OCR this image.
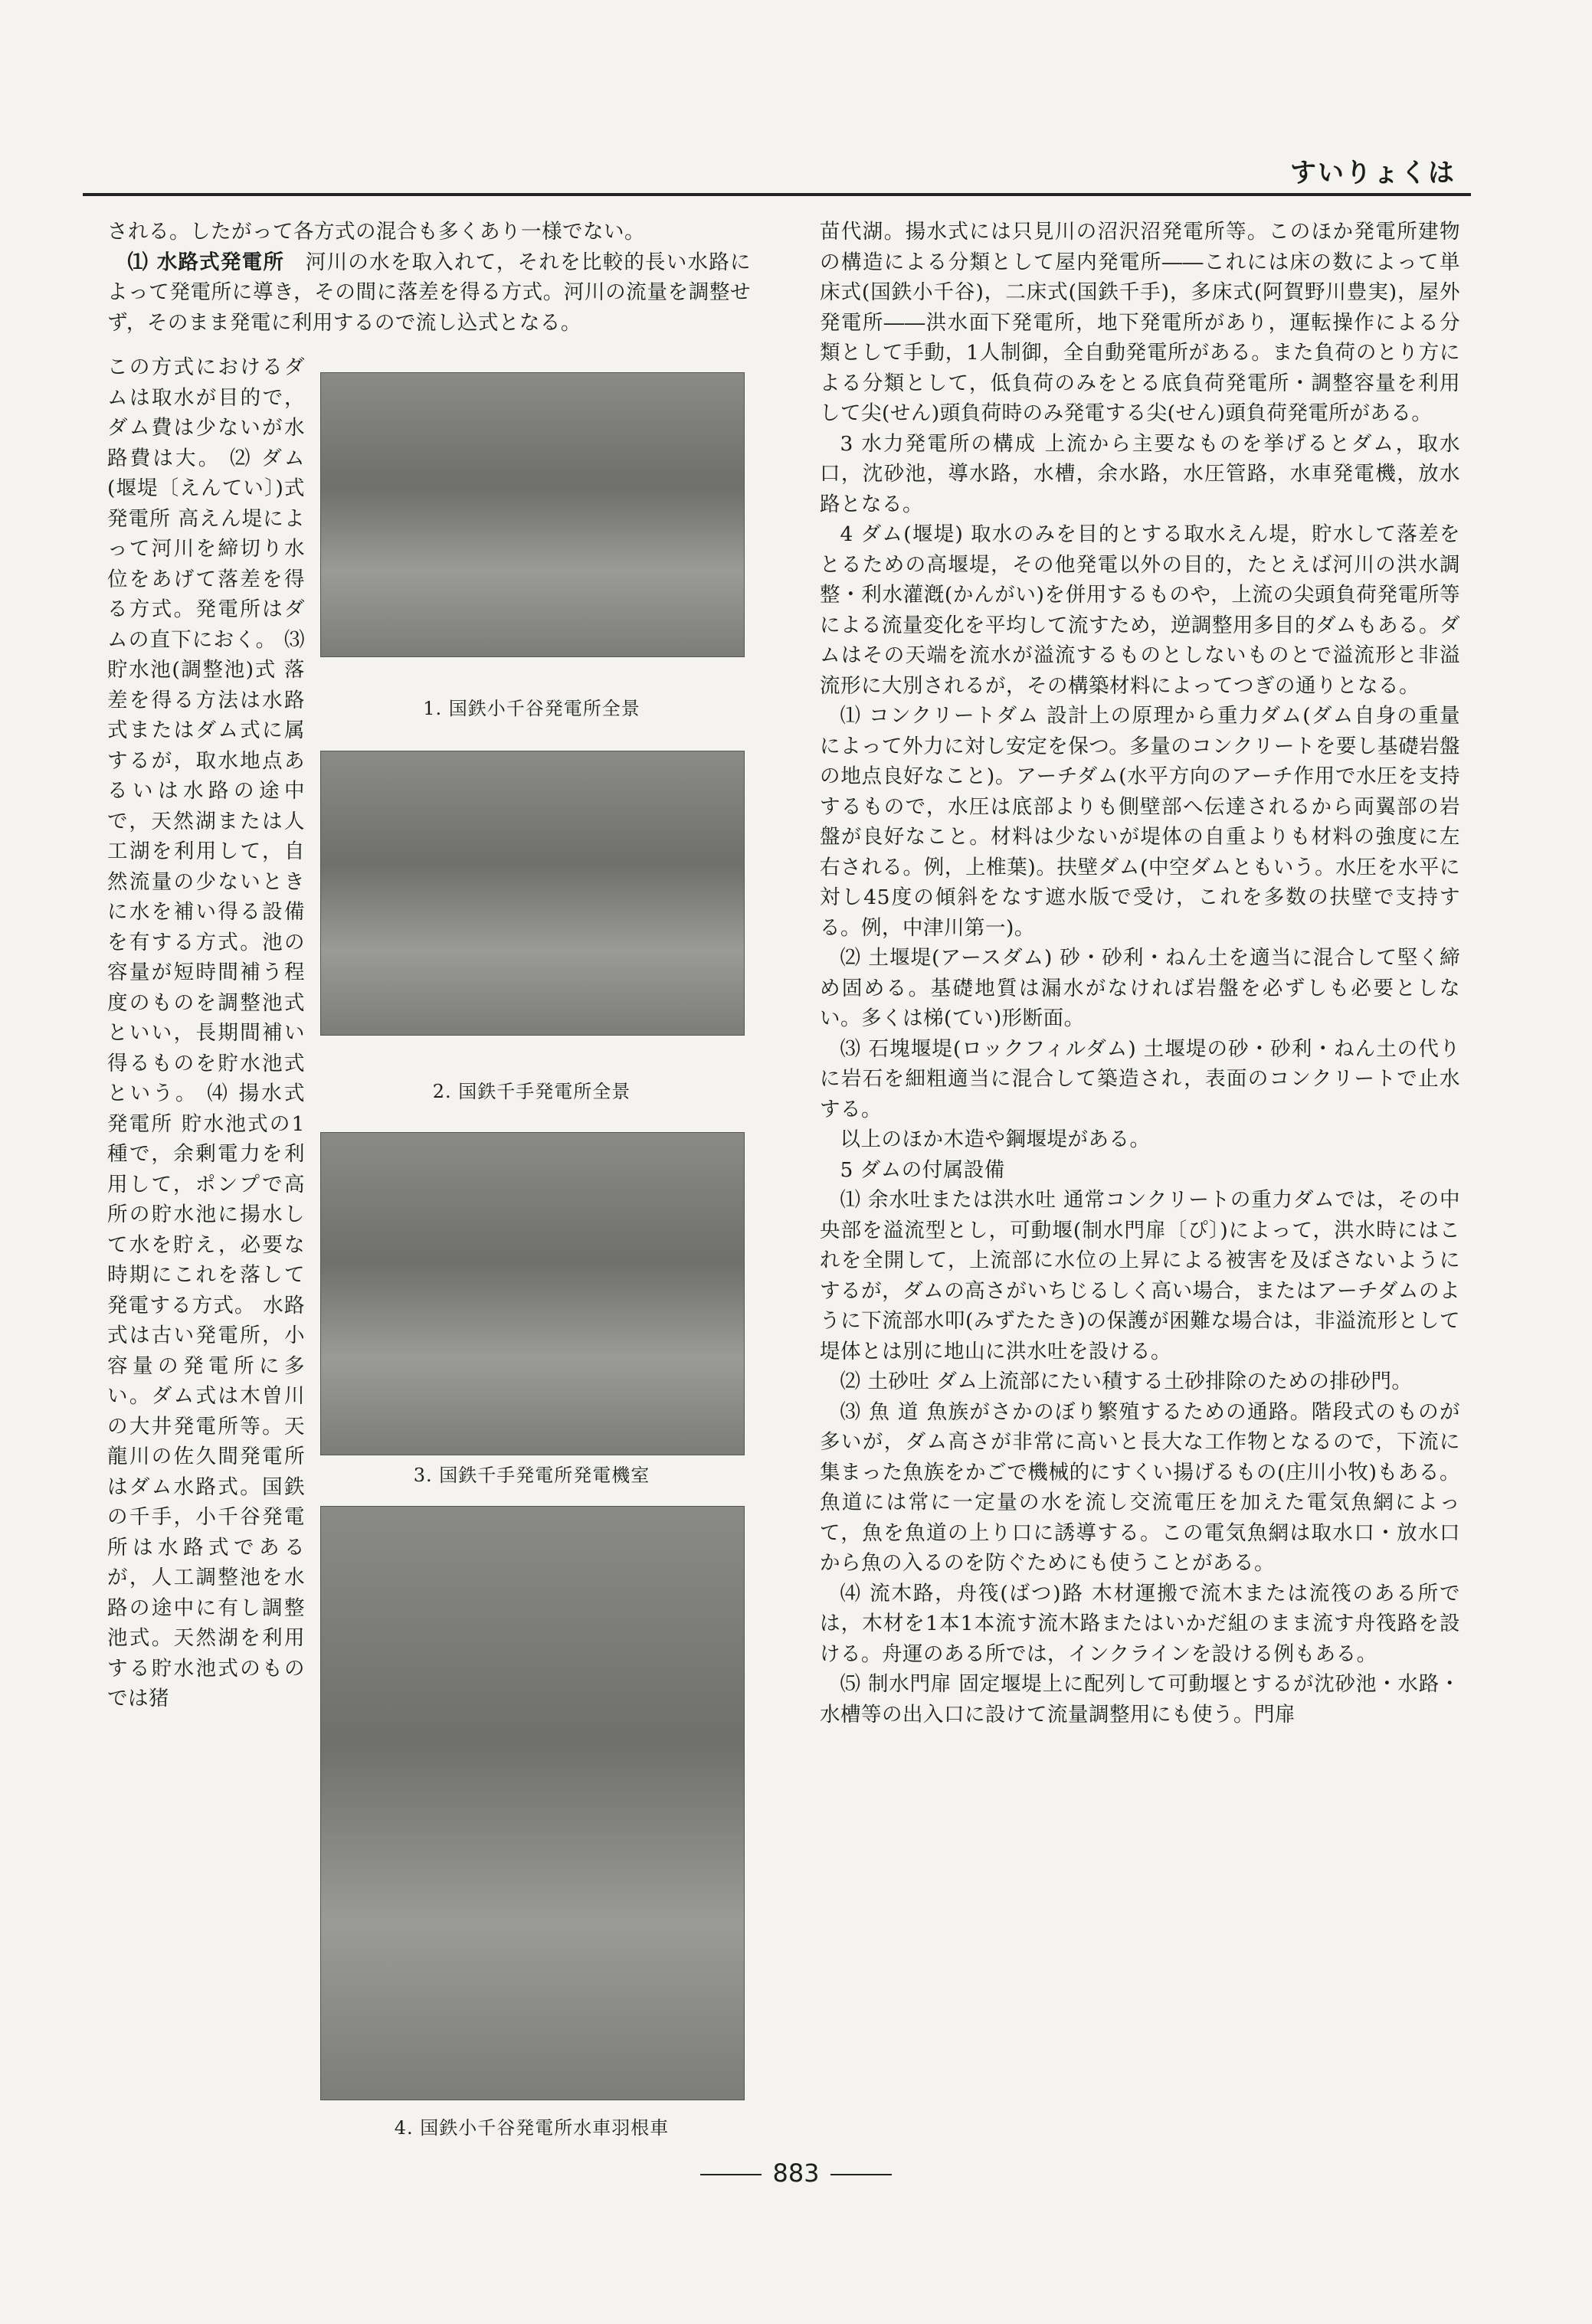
すいりょくは

される。したがって各方式の混合も多くあり一様でない。

⑴ 水路式発電所　 河川の水を取入れて，それを比較的長い水路によって発電所に導き，その間に落差を得る方式。河川の流量を調整せず，そのまま発電に利用するので流し込式となる。

この方式におけるダムは取水が目的で，ダム費は少ないが水路費は大。 ⑵ ダム(堰堤〔えんてい〕)式発電所 高えん堤によって河川を締切り水位をあげて落差を得る方式。発電所はダムの直下におく。 ⑶ 貯水池(調整池)式 落差を得る方法は水路式またはダム式に属するが，取水地点あるいは水路の途中で，天然湖または人工湖を利用して，自然流量の少ないときに水を補い得る設備を有する方式。池の容量が短時間補う程度のものを調整池式といい，長期間補い得るものを貯水池式という。 ⑷ 揚水式発電所 貯水池式の1種で，余剰電力を利用して，ポンプで高所の貯水池に揚水して水を貯え，必要な時期にこれを落して発電する方式。 水路式は古い発電所，小容量の発電所に多い。ダム式は木曽川の大井発電所等。天龍川の佐久間発電所はダム水路式。国鉄の千手，小千谷発電所は水路式であるが，人工調整池を水路の途中に有し調整池式。天然湖を利用する貯水池式のものでは猪
1. 国鉄小千谷発電所全景
2. 国鉄千手発電所全景
3. 国鉄千手発電所発電機室
4. 国鉄小千谷発電所水車羽根車

苗代湖。揚水式には只見川の沼沢沼発電所等。このほか発電所建物の構造による分類として屋内発電所――これには床の数によって単床式(国鉄小千谷)，二床式(国鉄千手)，多床式(阿賀野川豊実)，屋外発電所――洪水面下発電所，地下発電所があり，運転操作による分類として手動，1人制御，全自動発電所がある。また負荷のとり方による分類として，低負荷のみをとる底負荷発電所・調整容量を利用して尖(せん)頭負荷時のみ発電する尖(せん)頭負荷発電所がある。

3 水力発電所の構成 上流から主要なものを挙げるとダム，取水口，沈砂池，導水路，水槽，余水路，水圧管路，水車発電機，放水路となる。

4 ダム(堰堤) 取水のみを目的とする取水えん堤，貯水して落差をとるための高堰堤，その他発電以外の目的，たとえば河川の洪水調整・利水灌漑(かんがい)を併用するものや，上流の尖頭負荷発電所等による流量変化を平均して流すため，逆調整用多目的ダムもある。ダムはその天端を流水が溢流するものとしないものとで溢流形と非溢流形に大別されるが，その構築材料によってつぎの通りとなる。

⑴ コンクリートダム 設計上の原理から重力ダム(ダム自身の重量によって外力に対し安定を保つ。多量のコンクリートを要し基礎岩盤の地点良好なこと)。アーチダム(水平方向のアーチ作用で水圧を支持するもので，水圧は底部よりも側壁部へ伝達されるから両翼部の岩盤が良好なこと。材料は少ないが堤体の自重よりも材料の強度に左右される。例，上椎葉)。扶壁ダム(中空ダムともいう。水圧を水平に対し45度の傾斜をなす遮水版で受け，これを多数の扶壁で支持する。例，中津川第一)。

⑵ 土堰堤(アースダム) 砂・砂利・ねん土を適当に混合して堅く締め固める。基礎地質は漏水がなければ岩盤を必ずしも必要としない。多くは梯(てい)形断面。

⑶ 石塊堰堤(ロックフィルダム) 土堰堤の砂・砂利・ねん土の代りに岩石を細粗適当に混合して築造され，表面のコンクリートで止水する。

以上のほか木造や鋼堰堤がある。

5 ダムの付属設備

⑴ 余水吐または洪水吐 通常コンクリートの重力ダムでは，その中央部を溢流型とし，可動堰(制水門扉〔ぴ〕)によって，洪水時にはこれを全開して，上流部に水位の上昇による被害を及ぼさないようにするが，ダムの高さがいちじるしく高い場合，またはアーチダムのように下流部水叩(みずたたき)の保護が困難な場合は，非溢流形として堤体とは別に地山に洪水吐を設ける。

⑵ 土砂吐 ダム上流部にたい積する土砂排除のための排砂門。

⑶ 魚 道 魚族がさかのぼり繁殖するための通路。階段式のものが多いが，ダム高さが非常に高いと長大な工作物となるので，下流に集まった魚族をかごで機械的にすくい揚げるもの(庄川小牧)もある。魚道には常に一定量の水を流し交流電圧を加えた電気魚網によって，魚を魚道の上り口に誘導する。この電気魚網は取水口・放水口から魚の入るのを防ぐためにも使うことがある。

⑷ 流木路，舟筏(ばつ)路 木材運搬で流木または流筏のある所では，木材を1本1本流す流木路またはいかだ組のまま流す舟筏路を設ける。舟運のある所では，インクラインを設ける例もある。

⑸ 制水門扉 固定堰堤上に配列して可動堰とするが沈砂池・水路・水槽等の出入口に設けて流量調整用にも使う。門扉

883
